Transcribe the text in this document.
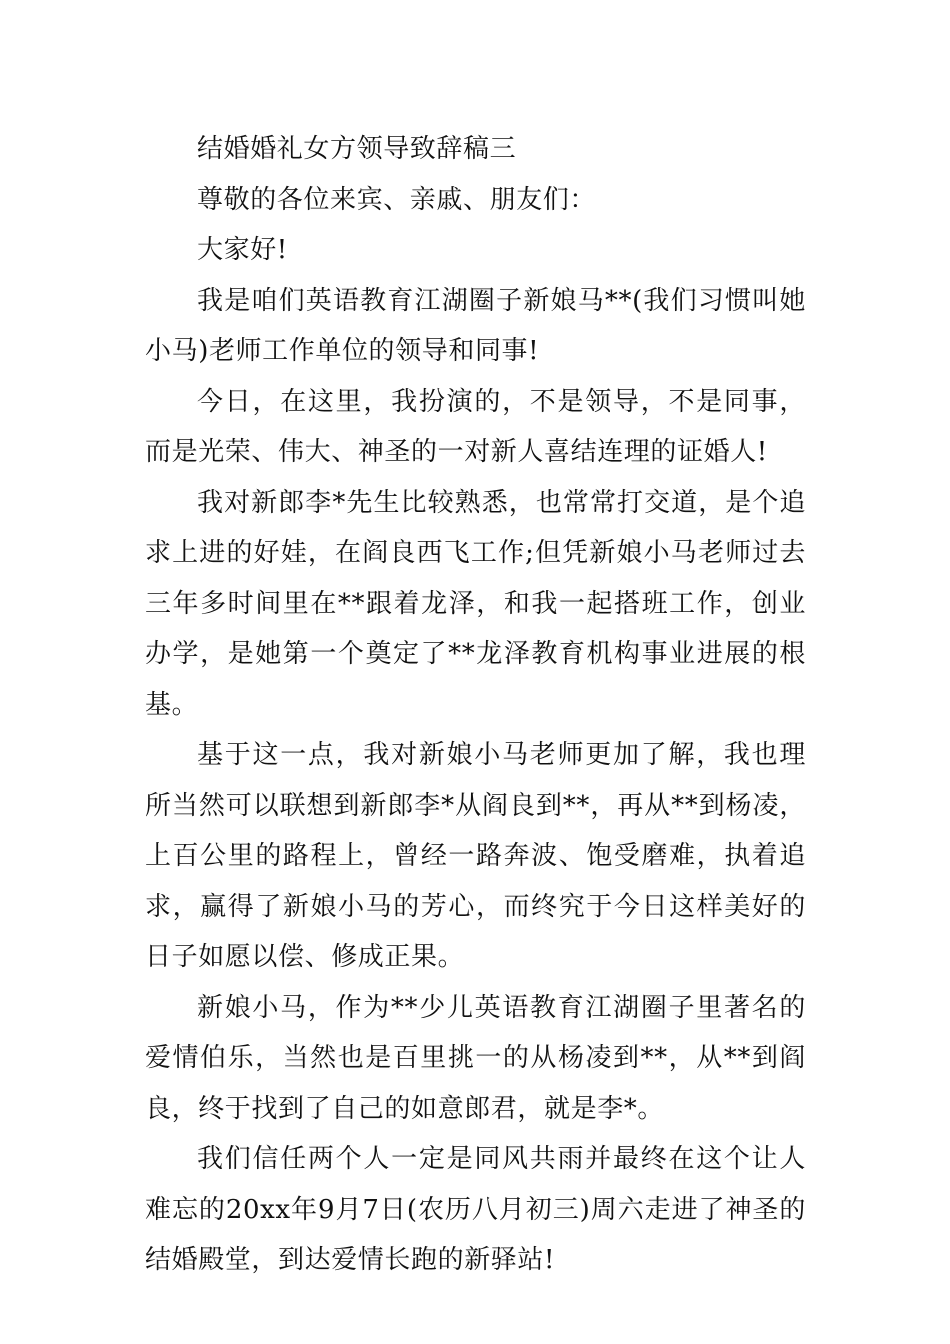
结婚婚礼女方领导致辞稿三

尊敬的各位来宾、亲戚、朋友们：

大家好!

我是咱们英语教育江湖圈子新娘马**(我们习惯叫她小马)老师工作单位的领导和同事!

今日，在这里，我扮演的，不是领导，不是同事，而是光荣、伟大、神圣的一对新人喜结连理的证婚人!

我对新郎李*先生比较熟悉，也常常打交道，是个追求上进的好娃，在阎良西飞工作;但凭新娘小马老师过去三年多时间里在**跟着龙泽，和我一起搭班工作，创业办学，是她第一个奠定了**龙泽教育机构事业进展的根基。

基于这一点，我对新娘小马老师更加了解，我也理所当然可以联想到新郎李*从阎良到**，再从**到杨凌，上百公里的路程上，曾经一路奔波、饱受磨难，执着追求，赢得了新娘小马的芳心，而终究于今日这样美好的日子如愿以偿、修成正果。

新娘小马，作为**少儿英语教育江湖圈子里著名的爱情伯乐，当然也是百里挑一的从杨凌到**，从**到阎良，终于找到了自己的如意郎君，就是李*。

我们信任两个人一定是同风共雨并最终在这个让人难忘的20xx年9月7日(农历八月初三)周六走进了神圣的结婚殿堂，到达爱情长跑的新驿站!
